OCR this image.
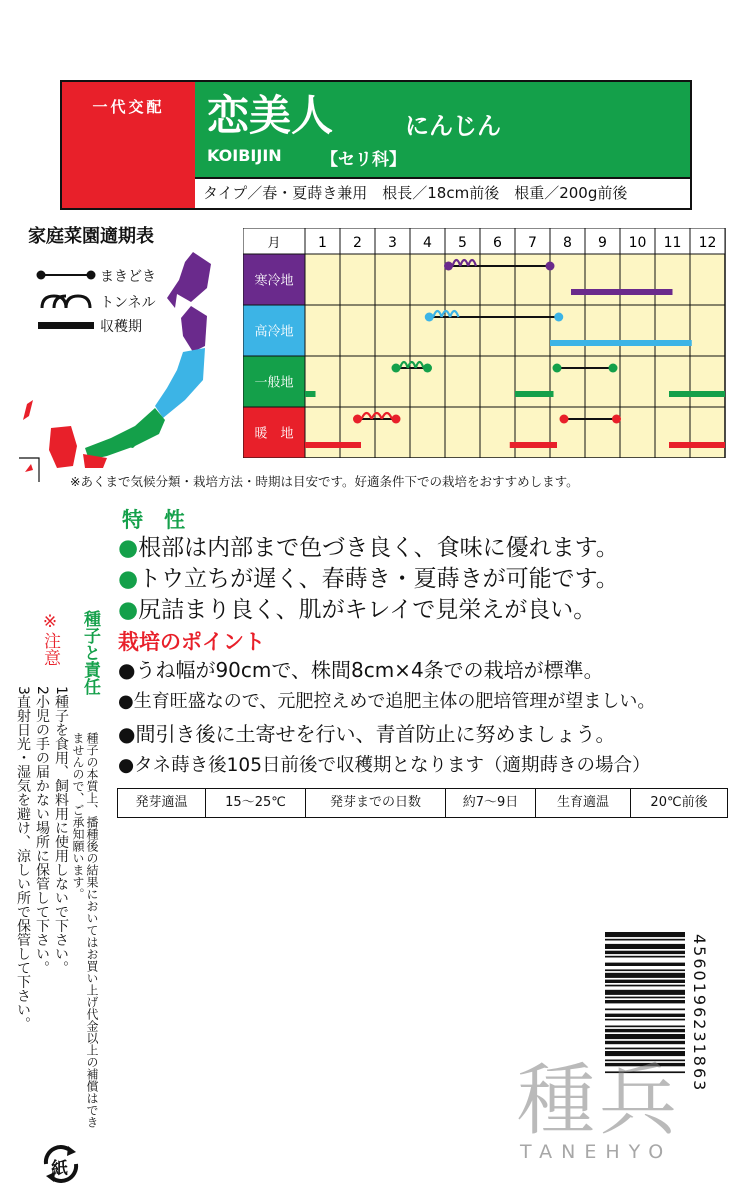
一代交配	恋美人	にんじん
KOIBIJIN 【セリ科】
タイプ／春・夏蒔き兼用　根長／18cm前後　根重／200g前後
家庭菜園適期表
まきどき
トンネル
収穫期
月	1 2 3 4 5 6 7 8 9 10 11 12
寒冷地
高冷地
一般地
暖　地
※あくまで気候分類・栽培方法・時期は目安です。好適条件下での栽培をおすすめします。
特　性
●根部は内部まで色づき良く、食味に優れます。
●トウ立ちが遅く、春蒔き・夏蒔きが可能です。
●尻詰まり良く、肌がキレイで見栄えが良い。
栽培のポイント
●うね幅が90cmで、株間8cm×4条での栽培が標準。
●生育旺盛なので、元肥控えめで追肥主体の肥培管理が望ましい。
●間引き後に土寄せを行い、青首防止に努めましょう。
●タネ蒔き後105日前後で収穫期となります（適期蒔きの場合）
発芽適温	15～25℃	発芽までの日数	約7～9日	生育適温	20℃前後
※注意 種子と責任
1種子を食用、飼料用に使用しないで下さい。
2小児の手の届かない場所に保管して下さい。
3直射日光・湿気を避け、涼しい所で保管して下さい。	種子の本質上、播種後の結果においてはお買い上げ代金以上の補償はできませんので、ご承知願います。
紙
4560196231863
種兵
TANEHYO
